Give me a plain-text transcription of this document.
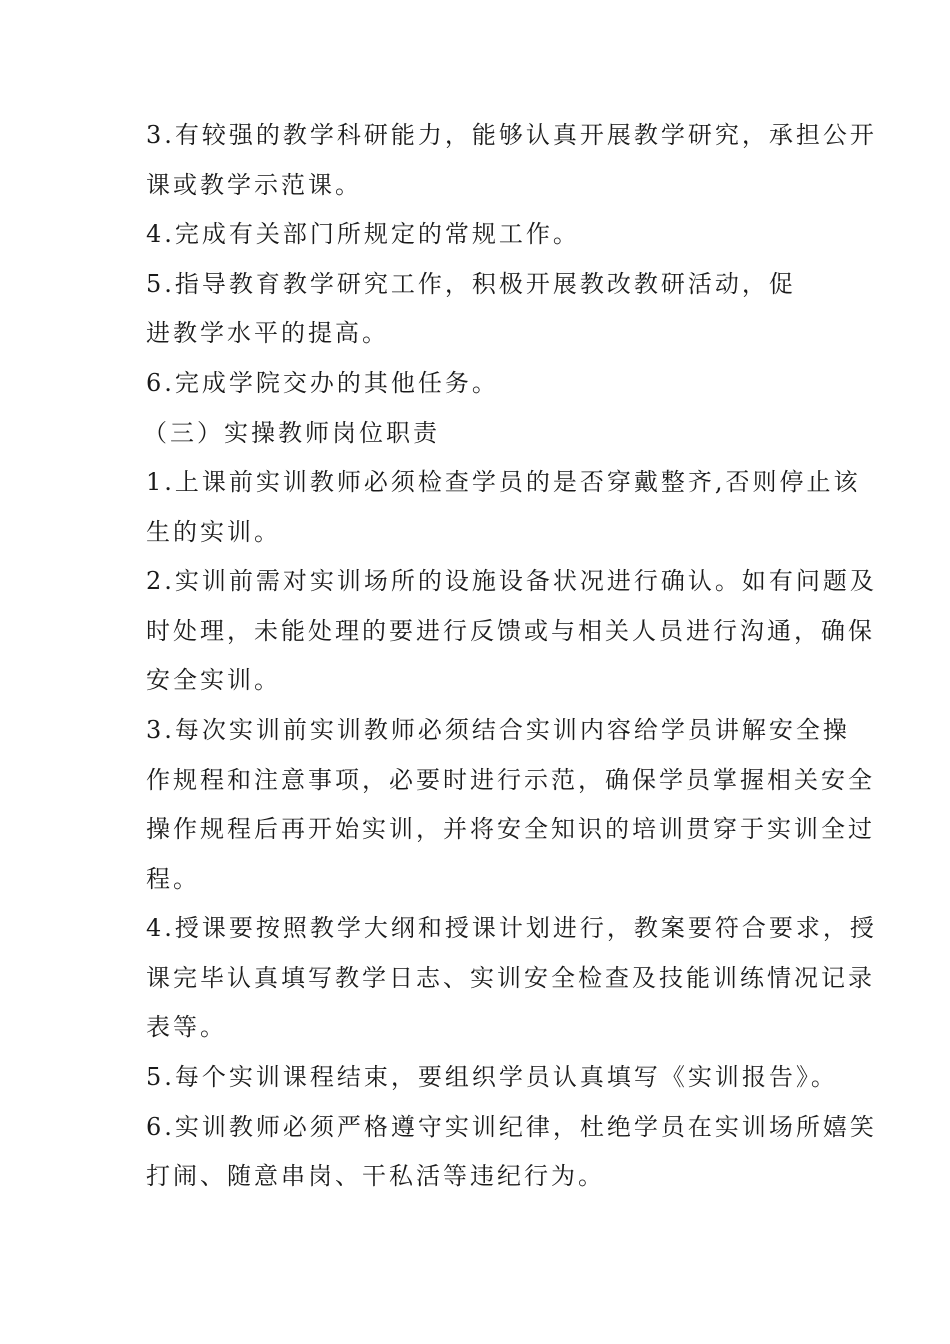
3.有较强的教学科研能力，能够认真开展教学研究，承担公开
课或教学示范课。
4.完成有关部门所规定的常规工作。
5.指导教育教学研究工作，积极开展教改教研活动，促
进教学水平的提高。
6.完成学院交办的其他任务。
（三）实操教师岗位职责
1.上课前实训教师必须检查学员的是否穿戴整齐,否则停止该
生的实训。
2.实训前需对实训场所的设施设备状况进行确认。如有问题及
时处理，未能处理的要进行反馈或与相关人员进行沟通，确保
安全实训。
3.每次实训前实训教师必须结合实训内容给学员讲解安全操
作规程和注意事项，必要时进行示范，确保学员掌握相关安全
操作规程后再开始实训，并将安全知识的培训贯穿于实训全过
程。
4.授课要按照教学大纲和授课计划进行，教案要符合要求，授
课完毕认真填写教学日志、实训安全检查及技能训练情况记录
表等。
5.每个实训课程结束，要组织学员认真填写《实训报告》。
6.实训教师必须严格遵守实训纪律，杜绝学员在实训场所嬉笑
打闹、随意串岗、干私活等违纪行为。
